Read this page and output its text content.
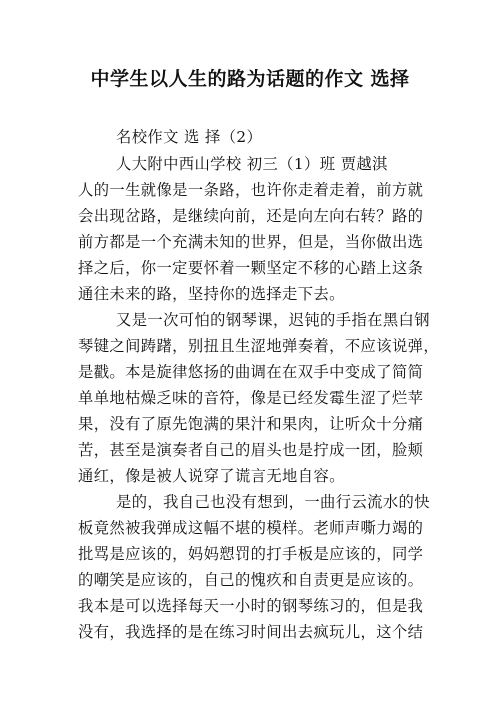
中学生以人生的路为话题的作文 选择
名校作文 选 择（2）
人大附中西山学校 初三（1）班 贾越淇
人的一生就像是一条路，也许你走着走着，前方就
会出现岔路，是继续向前，还是向左向右转？路的
前方都是一个充满未知的世界，但是，当你做出选
择之后，你一定要怀着一颗坚定不移的心踏上这条
通往未来的路，坚持你的选择走下去。
又是一次可怕的钢琴课，迟钝的手指在黑白钢
琴键之间踌躇，别扭且生涩地弹奏着，不应该说弹，
是戳。本是旋律悠扬的曲调在在双手中变成了简简
单单地枯燥乏味的音符，像是已经发霉生涩了烂苹
果，没有了原先饱满的果汁和果肉，让听众十分痛
苦，甚至是演奏者自己的眉头也是拧成一团，脸颊
通红，像是被人说穿了谎言无地自容。
是的，我自己也没有想到，一曲行云流水的快
板竟然被我弹成这幅不堪的模样。老师声嘶力竭的
批骂是应该的，妈妈愬罚的打手板是应该的，同学
的嘲笑是应该的，自己的愧疚和自责更是应该的。
我本是可以选择每天一小时的钢琴练习的，但是我
没有，我选择的是在练习时间出去疯玩儿，这个结
